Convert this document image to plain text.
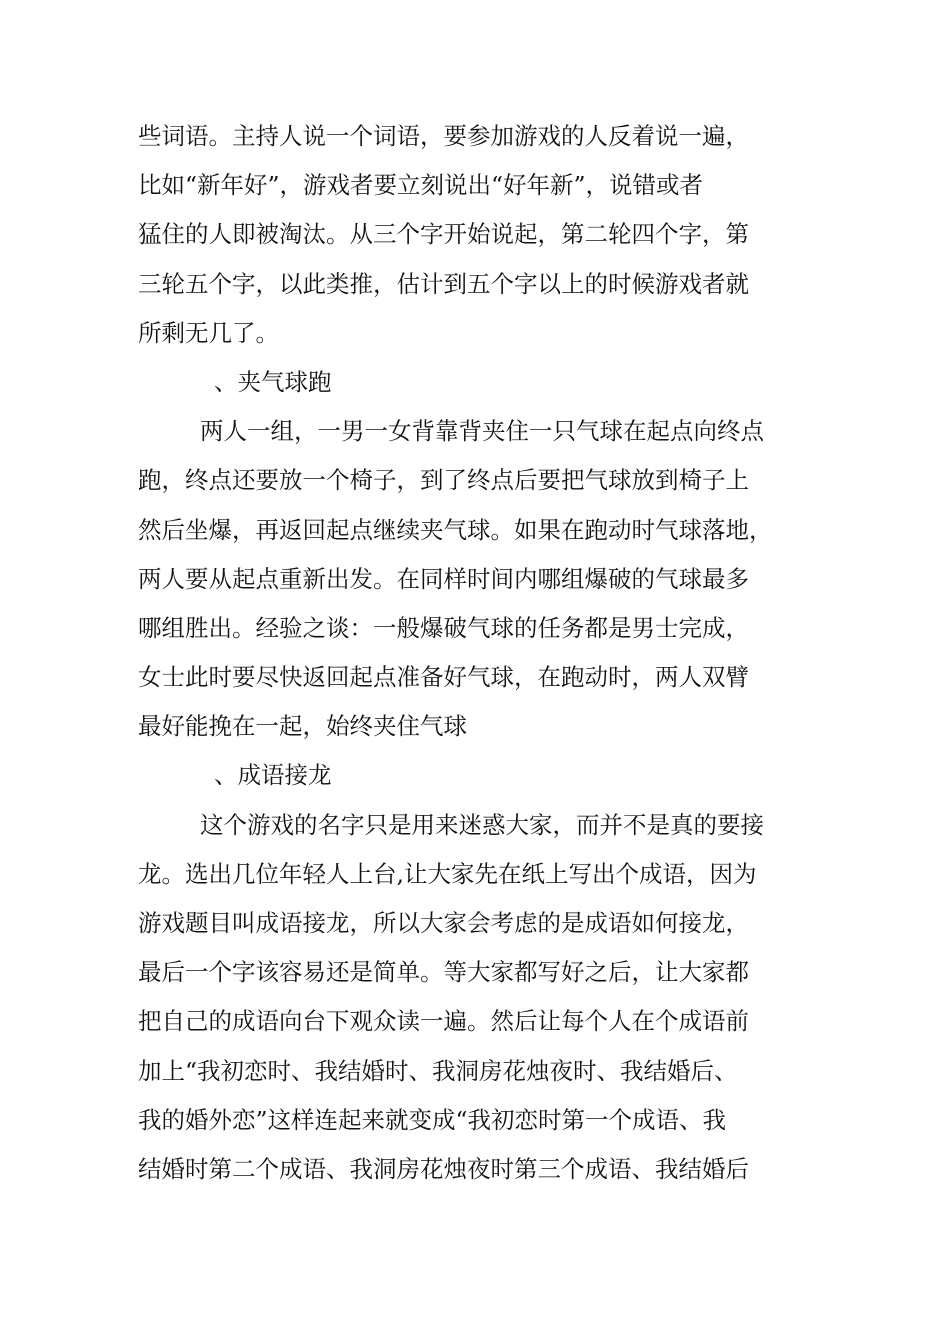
些词语。主持人说一个词语，要参加游戏的人反着说一遍，
比如“新年好”，游戏者要立刻说出“好年新”，说错或者
猛住的人即被淘汰。从三个字开始说起，第二轮四个字，第
三轮五个字，以此类推，估计到五个字以上的时候游戏者就
所剩无几了。
、夹气球跑
两人一组，一男一女背靠背夹住一只气球在起点向终点
跑，终点还要放一个椅子，到了终点后要把气球放到椅子上
然后坐爆，再返回起点继续夹气球。如果在跑动时气球落地，
两人要从起点重新出发。在同样时间内哪组爆破的气球最多
哪组胜出。经验之谈：一般爆破气球的任务都是男士完成，
女士此时要尽快返回起点准备好气球，在跑动时，两人双臂
最好能挽在一起，始终夹住气球
、成语接龙
这个游戏的名字只是用来迷惑大家，而并不是真的要接
龙。选出几位年轻人上台,让大家先在纸上写出个成语，因为
游戏题目叫成语接龙，所以大家会考虑的是成语如何接龙，
最后一个字该容易还是简单。等大家都写好之后，让大家都
把自己的成语向台下观众读一遍。然后让每个人在个成语前
加上“我初恋时、我结婚时、我洞房花烛夜时、我结婚后、
我的婚外恋”这样连起来就变成“我初恋时第一个成语、我
结婚时第二个成语、我洞房花烛夜时第三个成语、我结婚后
